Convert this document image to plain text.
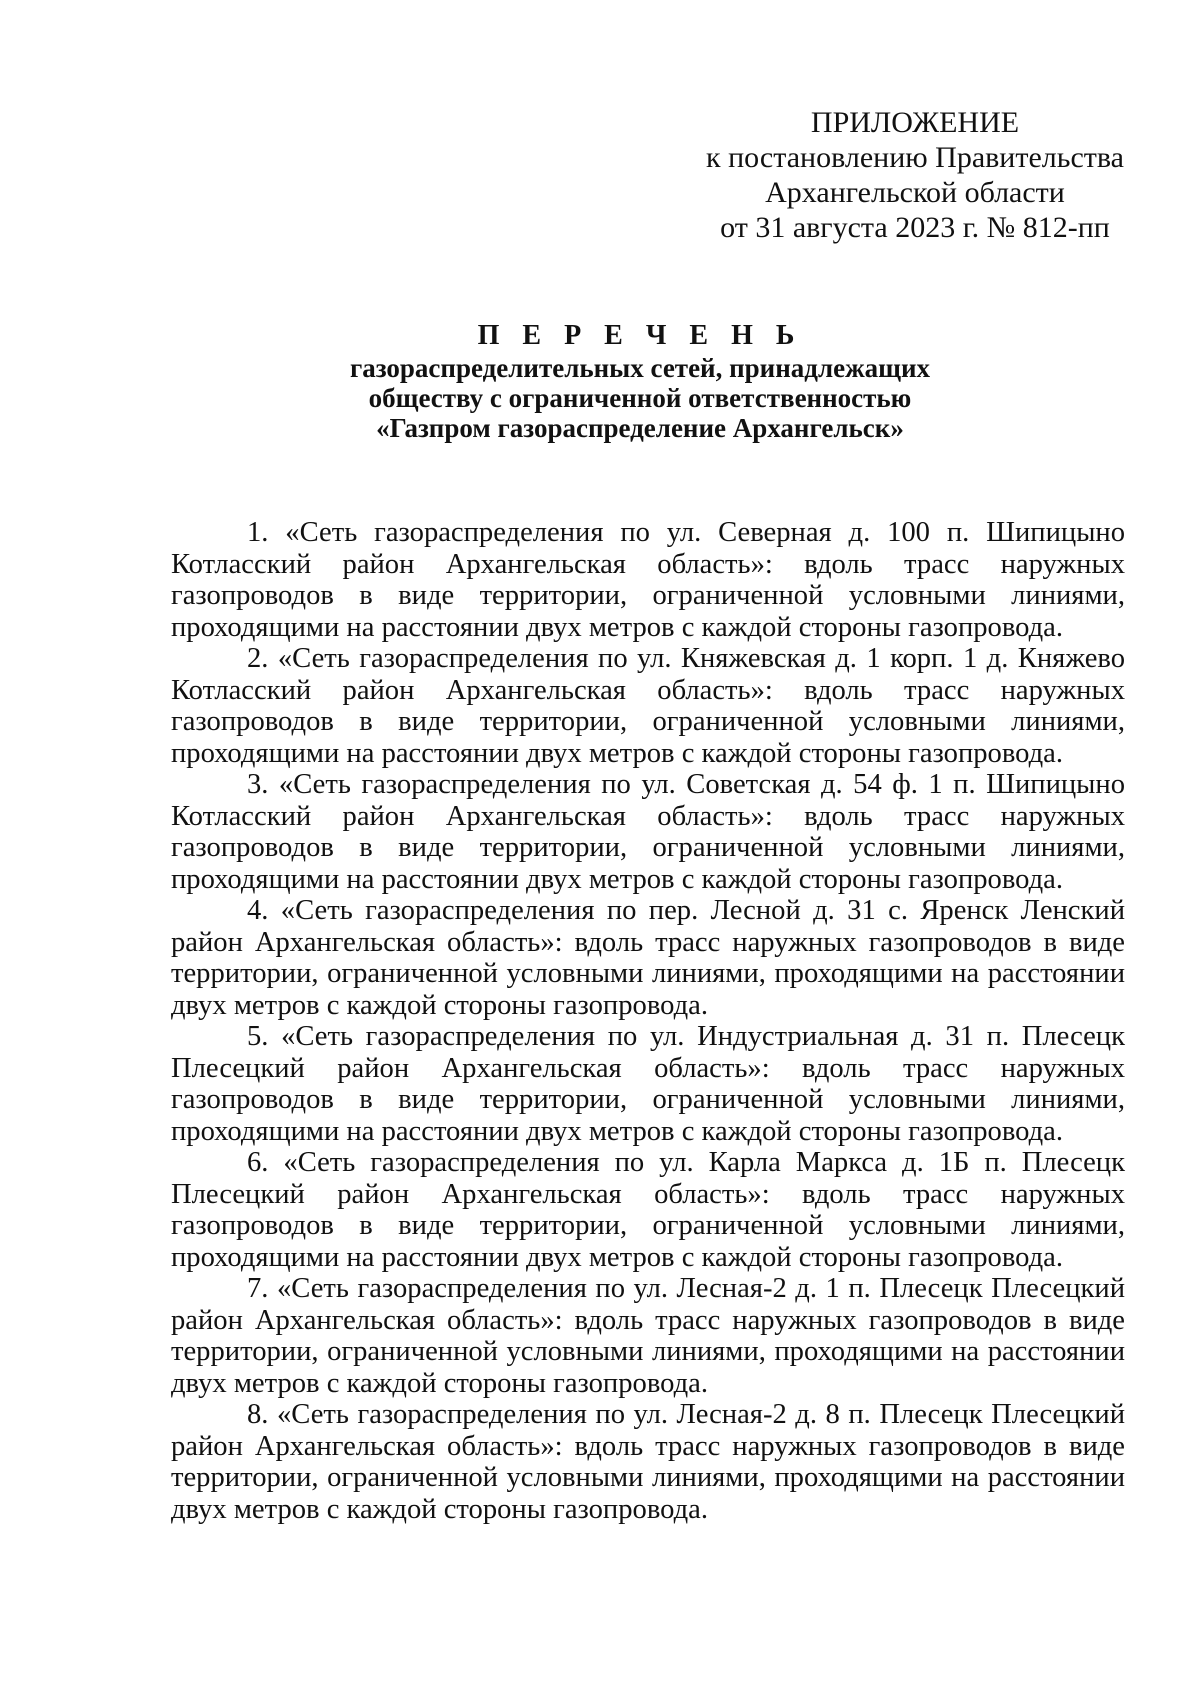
ПРИЛОЖЕНИЕ
к постановлению Правительства
Архангельской области
от 31 августа 2023 г. № 812-пп
П Е Р Е Ч Е Н Ь
газораспределительных сетей, принадлежащих
обществу с ограниченной ответственностью
«Газпром газораспределение Архангельск»

1. «Сеть газораспределения по ул. Северная д. 100 п. Шипицыно Котласский район Архангельская область»: вдоль трасс наружных газопроводов в виде территории, ограниченной условными линиями, проходящими на расстоянии двух метров с каждой стороны газопровода.

2. «Сеть газораспределения по ул. Княжевская д. 1 корп. 1 д. Княжево Котласский район Архангельская область»: вдоль трасс наружных газопроводов в виде территории, ограниченной условными линиями, проходящими на расстоянии двух метров с каждой стороны газопровода.

3. «Сеть газораспределения по ул. Советская д. 54 ф. 1 п. Шипицыно Котласский район Архангельская область»: вдоль трасс наружных газопроводов в виде территории, ограниченной условными линиями, проходящими на расстоянии двух метров с каждой стороны газопровода.

4. «Сеть газораспределения по пер. Лесной д. 31 с. Яренск Ленский район Архангельская область»: вдоль трасс наружных газопроводов в виде территории, ограниченной условными линиями, проходящими на расстоянии двух метров с каждой стороны газопровода.

5. «Сеть газораспределения по ул. Индустриальная д. 31 п. Плесецк Плесецкий район Архангельская область»: вдоль трасс наружных газопроводов в виде территории, ограниченной условными линиями, проходящими на расстоянии двух метров с каждой стороны газопровода.

6. «Сеть газораспределения по ул. Карла Маркса д. 1Б п. Плесецк Плесецкий район Архангельская область»: вдоль трасс наружных газопроводов в виде территории, ограниченной условными линиями, проходящими на расстоянии двух метров с каждой стороны газопровода.

7. «Сеть газораспределения по ул. Лесная-2 д. 1 п. Плесецк Плесецкий район Архангельская область»: вдоль трасс наружных газопроводов в виде территории, ограниченной условными линиями, проходящими на расстоянии двух метров с каждой стороны газопровода.

8. «Сеть газораспределения по ул. Лесная-2 д. 8 п. Плесецк Плесецкий район Архангельская область»: вдоль трасс наружных газопроводов в виде территории, ограниченной условными линиями, проходящими на расстоянии двух метров с каждой стороны газопровода.
